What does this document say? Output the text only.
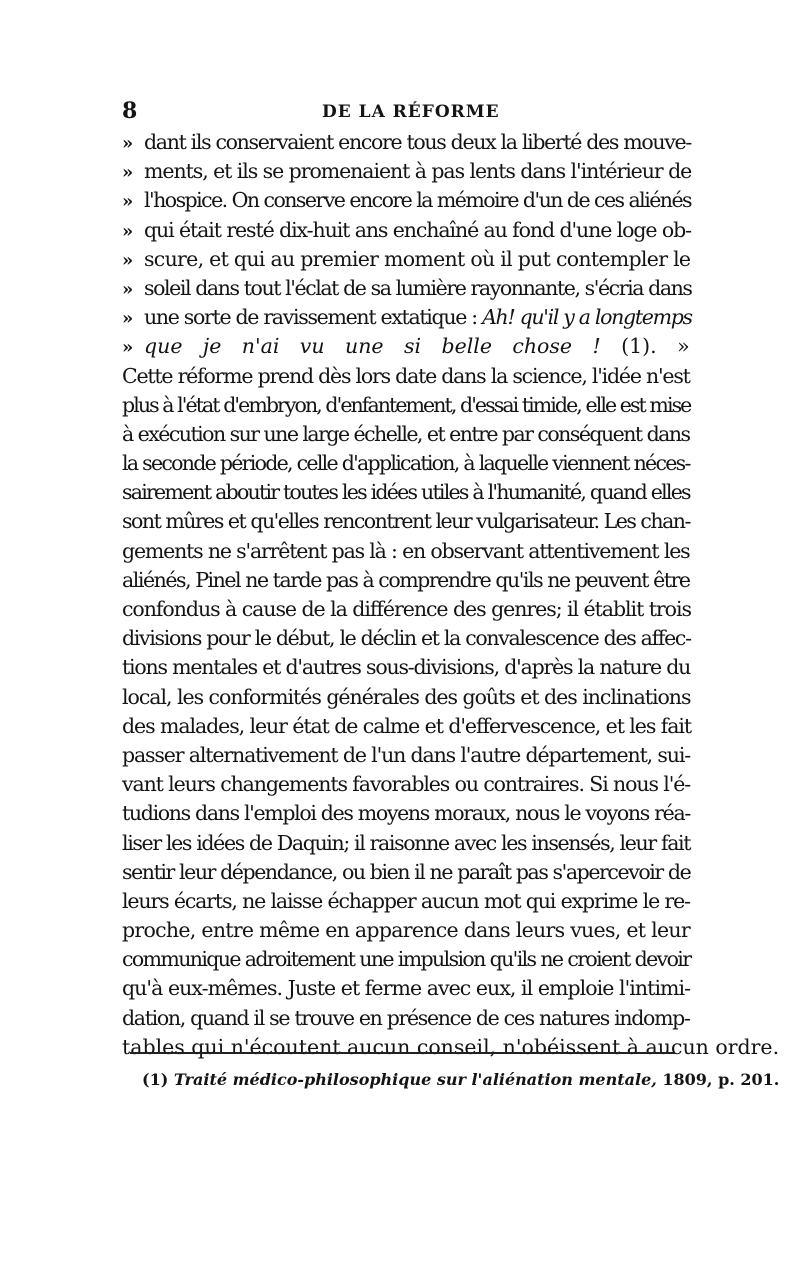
8	DE LA RÉFORME
» dant ils conservaient encore tous deux la liberté des mouve-
» ments, et ils se promenaient à pas lents dans l'intérieur de
» l'hospice. On conserve encore la mémoire d'un de ces aliénés
» qui était resté dix-huit ans enchaîné au fond d'une loge ob-
» scure, et qui au premier moment où il put contempler le
» soleil dans tout l'éclat de sa lumière rayonnante, s'écria dans
» une sorte de ravissement extatique : Ah! qu'il y a longtemps
» que je n'ai vu une si belle chose ! (1). »
Cette réforme prend dès lors date dans la science, l'idée n'est
plus à l'état d'embryon, d'enfantement, d'essai timide, elle est mise
à exécution sur une large échelle, et entre par conséquent dans
la seconde période, celle d'application, à laquelle viennent néces-
sairement aboutir toutes les idées utiles à l'humanité, quand elles
sont mûres et qu'elles rencontrent leur vulgarisateur. Les chan-
gements ne s'arrêtent pas là : en observant attentivement les
aliénés, Pinel ne tarde pas à comprendre qu'ils ne peuvent être
confondus à cause de la différence des genres; il établit trois
divisions pour le début, le déclin et la convalescence des affec-
tions mentales et d'autres sous-divisions, d'après la nature du
local, les conformités générales des goûts et des inclinations
des malades, leur état de calme et d'effervescence, et les fait
passer alternativement de l'un dans l'autre département, sui-
vant leurs changements favorables ou contraires. Si nous l'é-
tudions dans l'emploi des moyens moraux, nous le voyons réa-
liser les idées de Daquin; il raisonne avec les insensés, leur fait
sentir leur dépendance, ou bien il ne paraît pas s'apercevoir de
leurs écarts, ne laisse échapper aucun mot qui exprime le re-
proche, entre même en apparence dans leurs vues, et leur
communique adroitement une impulsion qu'ils ne croient devoir
qu'à eux-mêmes. Juste et ferme avec eux, il emploie l'intimi-
dation, quand il se trouve en présence de ces natures indomp-
tables qui n'écoutent aucun conseil, n'obéissent à aucun ordre.
(1) Traité médico-philosophique sur l'aliénation mentale, 1809, p. 201.
